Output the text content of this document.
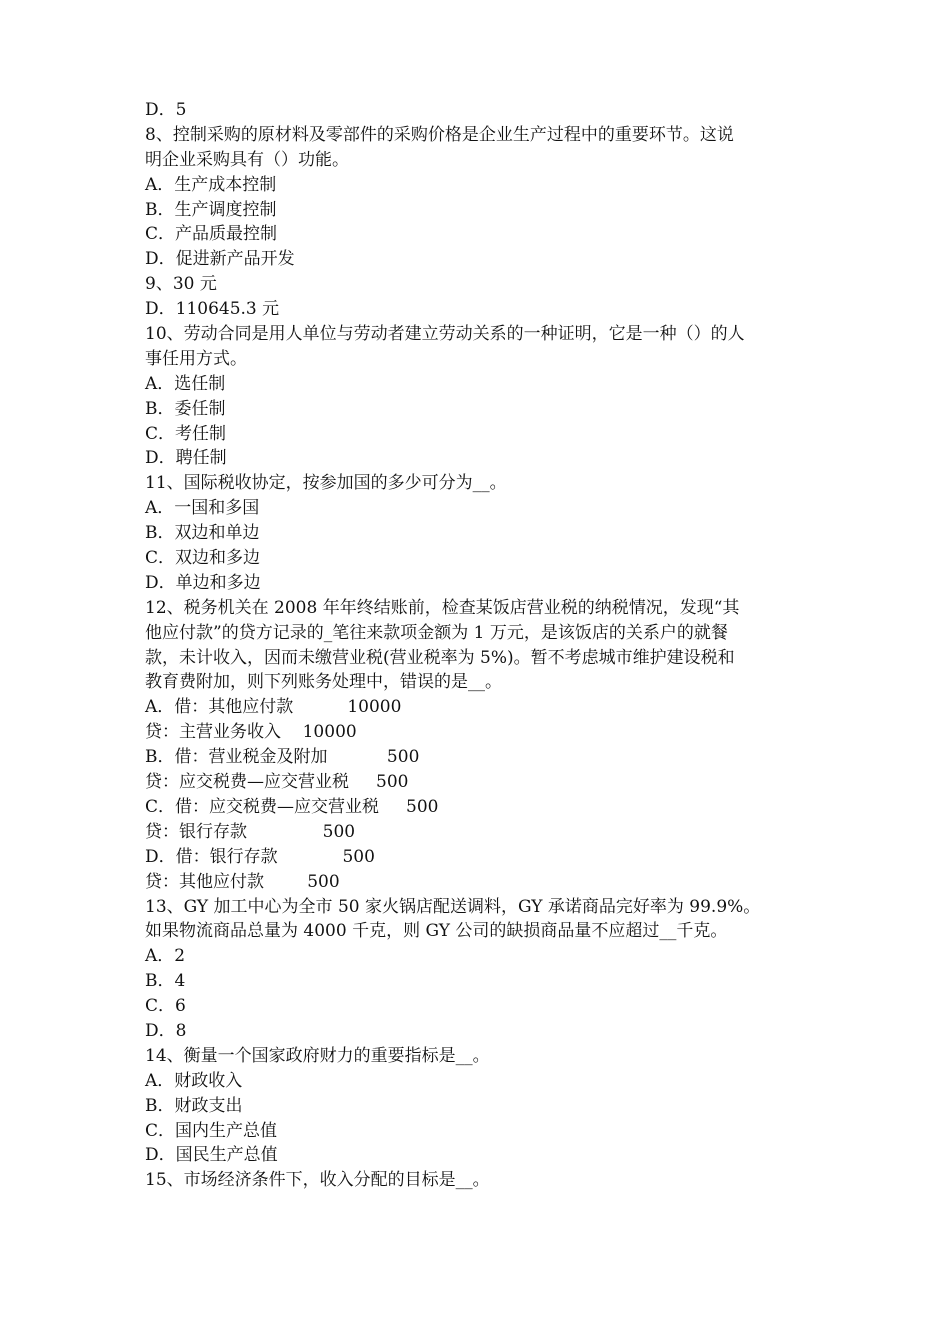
D．5
8、控制采购的原材料及零部件的采购价格是企业生产过程中的重要环节。这说
明企业采购具有（）功能。
A．生产成本控制
B．生产调度控制
C．产品质最控制
D．促进新产品开发
9、30 元
D．110645.3 元
10、劳动合同是用人单位与劳动者建立劳动关系的一种证明，它是一种（）的人
事任用方式。
A．选任制
B．委任制
C．考任制
D．聘任制
11、国际税收协定，按参加国的多少可分为__。
A．一国和多国
B．双边和单边
C．双边和多边
D．单边和多边
12、税务机关在 2008 年年终结账前，检查某饭店营业税的纳税情况，发现“其
他应付款”的贷方记录的_笔往来款项金额为 1 万元，是该饭店的关系户的就餐
款，未计收入，因而未缴营业税(营业税率为 5%)。暂不考虑城市维护建设税和
教育费附加，则下列账务处理中，错误的是__。
A．借：其他应付款          10000
贷：主营业务收入    10000
B．借：营业税金及附加           500
贷：应交税费—应交营业税     500
C．借：应交税费—应交营业税     500
贷：银行存款              500
D．借：银行存款            500
贷：其他应付款        500
13、GY 加工中心为全市 50 家火锅店配送调料，GY 承诺商品完好率为 99.9%。
如果物流商品总量为 4000 千克，则 GY 公司的缺损商品量不应超过__千克。
A．2
B．4
C．6
D．8
14、衡量一个国家政府财力的重要指标是__。
A．财政收入
B．财政支出
C．国内生产总值
D．国民生产总值
15、市场经济条件下，收入分配的目标是__。
